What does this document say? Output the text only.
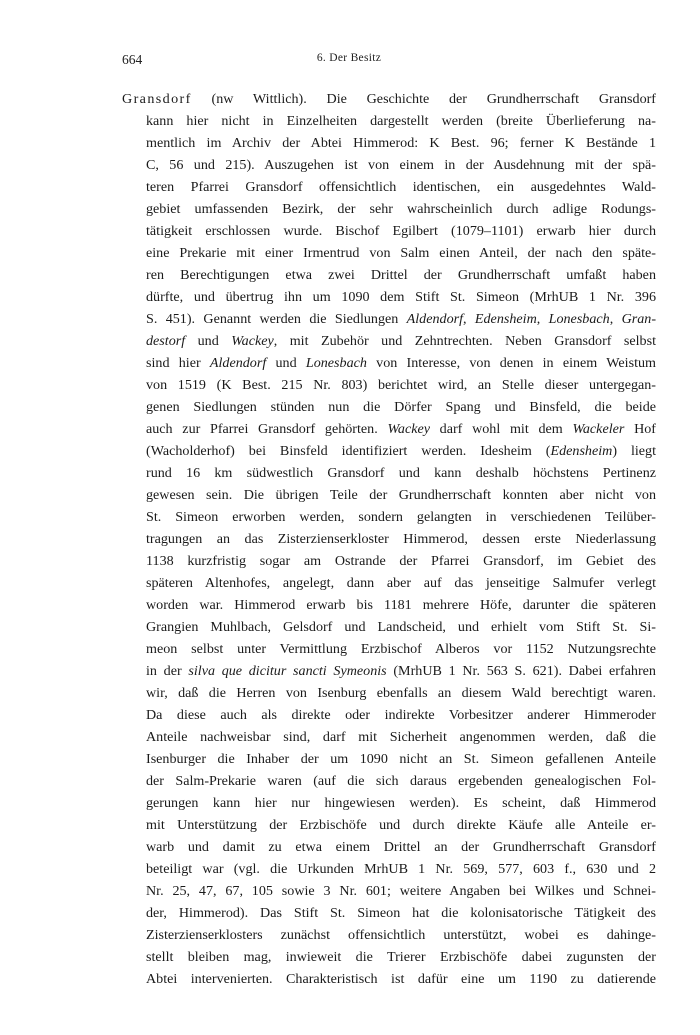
664	6. Der Besitz
Gransdorf (nw Wittlich). Die Geschichte der Grundherrschaft Gransdorf
kann hier nicht in Einzelheiten dargestellt werden (breite Überlieferung na-
mentlich im Archiv der Abtei Himmerod: K Best. 96; ferner K Bestände 1
C, 56 und 215). Auszugehen ist von einem in der Ausdehnung mit der spä-
teren Pfarrei Gransdorf offensichtlich identischen, ein ausgedehntes Wald-
gebiet umfassenden Bezirk, der sehr wahrscheinlich durch adlige Rodungs-
tätigkeit erschlossen wurde. Bischof Egilbert (1079–1101) erwarb hier durch
eine Prekarie mit einer Irmentrud von Salm einen Anteil, der nach den späte-
ren Berechtigungen etwa zwei Drittel der Grundherrschaft umfaßt haben
dürfte, und übertrug ihn um 1090 dem Stift St. Simeon (MrhUB 1 Nr. 396
S. 451). Genannt werden die Siedlungen Aldendorf, Edensheim, Lonesbach, Gran-
destorf und Wackey, mit Zubehör und Zehntrechten. Neben Gransdorf selbst
sind hier Aldendorf und Lonesbach von Interesse, von denen in einem Weistum
von 1519 (K Best. 215 Nr. 803) berichtet wird, an Stelle dieser untergegan-
genen Siedlungen stünden nun die Dörfer Spang und Binsfeld, die beide
auch zur Pfarrei Gransdorf gehörten. Wackey darf wohl mit dem Wackeler Hof
(Wacholderhof) bei Binsfeld identifiziert werden. Idesheim (Edensheim) liegt
rund 16 km südwestlich Gransdorf und kann deshalb höchstens Pertinenz
gewesen sein. Die übrigen Teile der Grundherrschaft konnten aber nicht von
St. Simeon erworben werden, sondern gelangten in verschiedenen Teilüber-
tragungen an das Zisterzienserkloster Himmerod, dessen erste Niederlassung
1138 kurzfristig sogar am Ostrande der Pfarrei Gransdorf, im Gebiet des
späteren Altenhofes, angelegt, dann aber auf das jenseitige Salmufer verlegt
worden war. Himmerod erwarb bis 1181 mehrere Höfe, darunter die späteren
Grangien Muhlbach, Gelsdorf und Landscheid, und erhielt vom Stift St. Si-
meon selbst unter Vermittlung Erzbischof Alberos vor 1152 Nutzungsrechte
in der silva que dicitur sancti Symeonis (MrhUB 1 Nr. 563 S. 621). Dabei erfahren
wir, daß die Herren von Isenburg ebenfalls an diesem Wald berechtigt waren.
Da diese auch als direkte oder indirekte Vorbesitzer anderer Himmeroder
Anteile nachweisbar sind, darf mit Sicherheit angenommen werden, daß die
Isenburger die Inhaber der um 1090 nicht an St. Simeon gefallenen Anteile
der Salm-Prekarie waren (auf die sich daraus ergebenden genealogischen Fol-
gerungen kann hier nur hingewiesen werden). Es scheint, daß Himmerod
mit Unterstützung der Erzbischöfe und durch direkte Käufe alle Anteile er-
warb und damit zu etwa einem Drittel an der Grundherrschaft Gransdorf
beteiligt war (vgl. die Urkunden MrhUB 1 Nr. 569, 577, 603 f., 630 und 2
Nr. 25, 47, 67, 105 sowie 3 Nr. 601; weitere Angaben bei Wilkes und Schnei-
der, Himmerod). Das Stift St. Simeon hat die kolonisatorische Tätigkeit des
Zisterzienserklosters zunächst offensichtlich unterstützt, wobei es dahinge-
stellt bleiben mag, inwieweit die Trierer Erzbischöfe dabei zugunsten der
Abtei intervenierten. Charakteristisch ist dafür eine um 1190 zu datierende
